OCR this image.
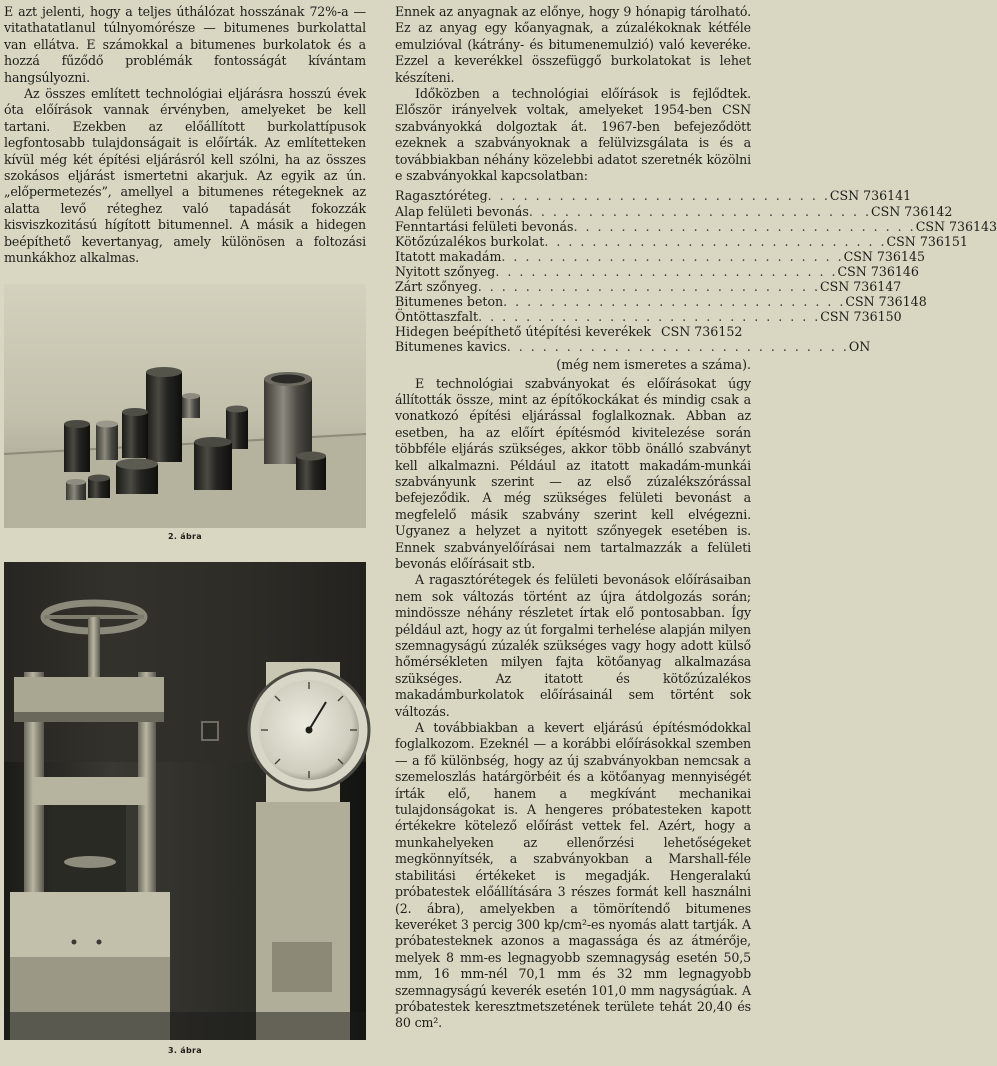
E azt jelenti, hogy a teljes úthálózat hosszának 72%-a — vitathatatlanul túlnyomórésze — bitumenes burkolattal van ellátva. E számokkal a bitumenes burkolatok és a hozzá fűződő problémák fontosságát kívántam hangsúlyozni.

Az összes említett technológiai eljárásra hosszú évek óta előírások vannak érvényben, amelyeket be kell tartani. Ezekben az előállított burkolattípusok legfontosabb tulajdonságait is előírták. Az említetteken kívül még két építési eljárásról kell szólni, ha az összes szokásos eljárást ismertetni akarjuk. Az egyik az ún. „előpermetezés”, amellyel a bitumenes rétegeknek az alatta levő réteghez való tapadását fokozzák kisviszkozitású hígított bitumennel. A másik a hidegen beépíthető kevertanyag, amely különösen a foltozási munkákhoz alkalmas.

2. ábra
3. ábra

Ennek az anyagnak az előnye, hogy 9 hónapig tárolható. Ez az anyag egy kőanyagnak, a zúzalékoknak kétféle emulzióval (kátrány- és bitumenemulzió) való keveréke. Ezzel a keverékkel összefüggő burkolatokat is lehet készíteni.

Időközben a technológiai előírások is fejlődtek. Először irányelvek voltak, amelyeket 1954-ben CSN szabványokká dolgoztak át. 1967-ben befejeződött ezeknek a szabványoknak a felülvizsgálata is és a továbbiakban néhány közelebbi adatot szeretnék közölni e szabványokkal kapcsolatban:

Ragasztóréteg . . . . . . . . . . . . . . . . . . . . . . . . . . . . . CSN 736141
Alap felületi bevonás . . . . . . . . . . . . . . . . . . . . . . . . . . . . . CSN 736142
Fenntartási felületi bevonás . . . . . . . . . . . . . . . . . . . . . . . . . . . . . CSN 736143
Kötőzúzalékos burkolat . . . . . . . . . . . . . . . . . . . . . . . . . . . . . CSN 736151
Itatott makadám . . . . . . . . . . . . . . . . . . . . . . . . . . . . . CSN 736145
Nyitott szőnyeg . . . . . . . . . . . . . . . . . . . . . . . . . . . . . CSN 736146
Zárt szőnyeg . . . . . . . . . . . . . . . . . . . . . . . . . . . . . CSN 736147
Bitumenes beton . . . . . . . . . . . . . . . . . . . . . . . . . . . . . CSN 736148
Öntöttaszfalt . . . . . . . . . . . . . . . . . . . . . . . . . . . . . CSN 736150
Hidegen beépíthető útépítési keverékek CSN 736152
Bitumenes kavics . . . . . . . . . . . . . . . . . . . . . . . . . . . . . ON
(még nem ismeretes a száma).

E technológiai szabványokat és előírásokat úgy állították össze, mint az építőkockákat és mindig csak a vonatkozó építési eljárással foglalkoznak. Abban az esetben, ha az előírt építésmód kivitelezése során többféle eljárás szükséges, akkor több önálló szabványt kell alkalmazni. Például az itatott makadám-munkái szabványunk szerint — az első zúzalékszórással befejeződik. A még szükséges felületi bevonást a megfelelő másik szabvány szerint kell elvégezni. Ugyanez a helyzet a nyitott szőnyegek esetében is. Ennek szabványelőírásai nem tartalmazzák a felületi bevonás előírásait stb.

A ragasztórétegek és felületi bevonások előírásaiban nem sok változás történt az újra átdolgozás során; mindössze néhány részletet írtak elő pontosabban. Így például azt, hogy az út forgalmi terhelése alapján milyen szemnagyságú zúzalék szükséges vagy hogy adott külső hőmérsékleten milyen fajta kötőanyag alkalmazása szükséges. Az itatott és kötőzúzalékos makadámburkolatok előírásainál sem történt sok változás.

A továbbiakban a kevert eljárású építésmódokkal foglalkozom. Ezeknél — a korábbi előírásokkal szemben — a fő különbség, hogy az új szabványokban nemcsak a szemeloszlás határgörbéit és a kötőanyag mennyiségét írták elő, hanem a megkívánt mechanikai tulajdonságokat is. A hengeres próbatesteken kapott értékekre kötelező előírást vettek fel. Azért, hogy a munkahelyeken az ellenőrzési lehetőségeket megkönnyítsék, a szabványokban a Marshall-féle stabilitási értékeket is megadják. Hengeralakú próbatestek előállítására 3 részes formát kell használni (2. ábra), amelyekben a tömörítendő bitumenes keveréket 3 percig 300 kp/cm²-es nyomás alatt tartják. A próbatesteknek azonos a magassága és az átmérője, melyek 8 mm-es legnagyobb szemnagyság esetén 50,5 mm, 16 mm-nél 70,1 mm és 32 mm legnagyobb szemnagyságú keverék esetén 101,0 mm nagyságúak. A próbatestek keresztmetszetének területe tehát 20,40 és 80 cm².
